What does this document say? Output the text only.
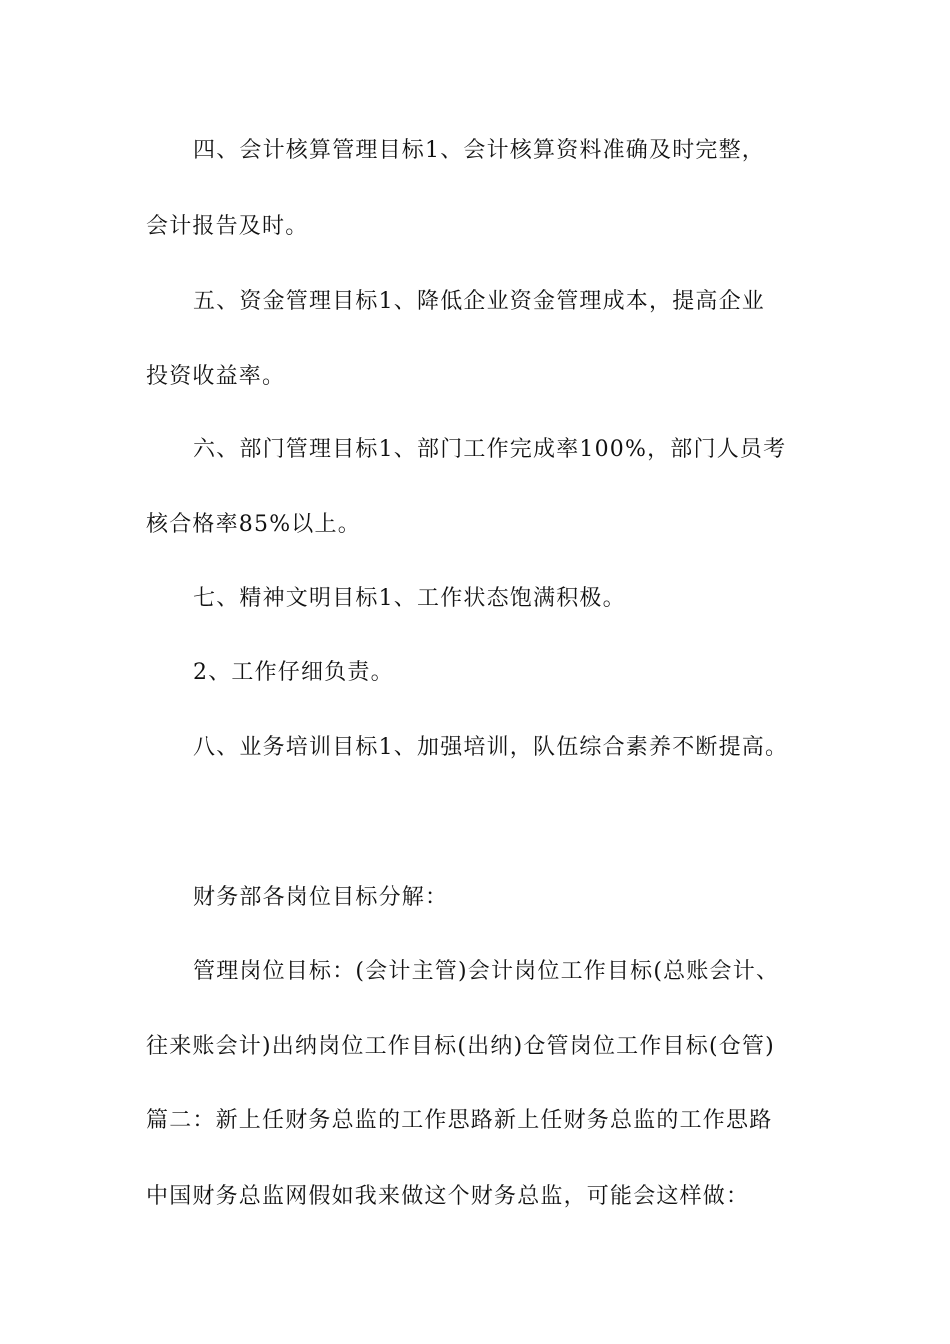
四、会计核算管理目标1、会计核算资料准确及时完整，
会计报告及时。
五、资金管理目标1、降低企业资金管理成本，提高企业
投资收益率。
六、部门管理目标1、部门工作完成率100%，部门人员考
核合格率85%以上。
七、精神文明目标1、工作状态饱满积极。
2、工作仔细负责。
八、业务培训目标1、加强培训，队伍综合素养不断提高。
财务部各岗位目标分解：
管理岗位目标：(会计主管)会计岗位工作目标(总账会计、
往来账会计)出纳岗位工作目标(出纳)仓管岗位工作目标(仓管)
篇二：新上任财务总监的工作思路新上任财务总监的工作思路
中国财务总监网假如我来做这个财务总监，可能会这样做：
